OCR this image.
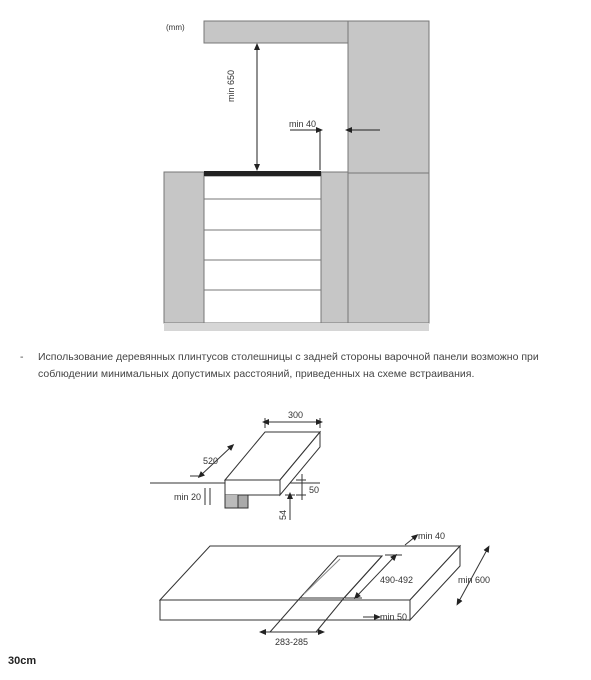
(mm)
min 650
min 40
- Использование деревянных плинтусов столешницы с задней стороны варочной панели возможно при соблюдении минимальных допустимых расстояний, приведенных на схеме встраивания.
300
520
50
54
min 20
min 40
490-492	min 600
min 50
283-285
30cm
